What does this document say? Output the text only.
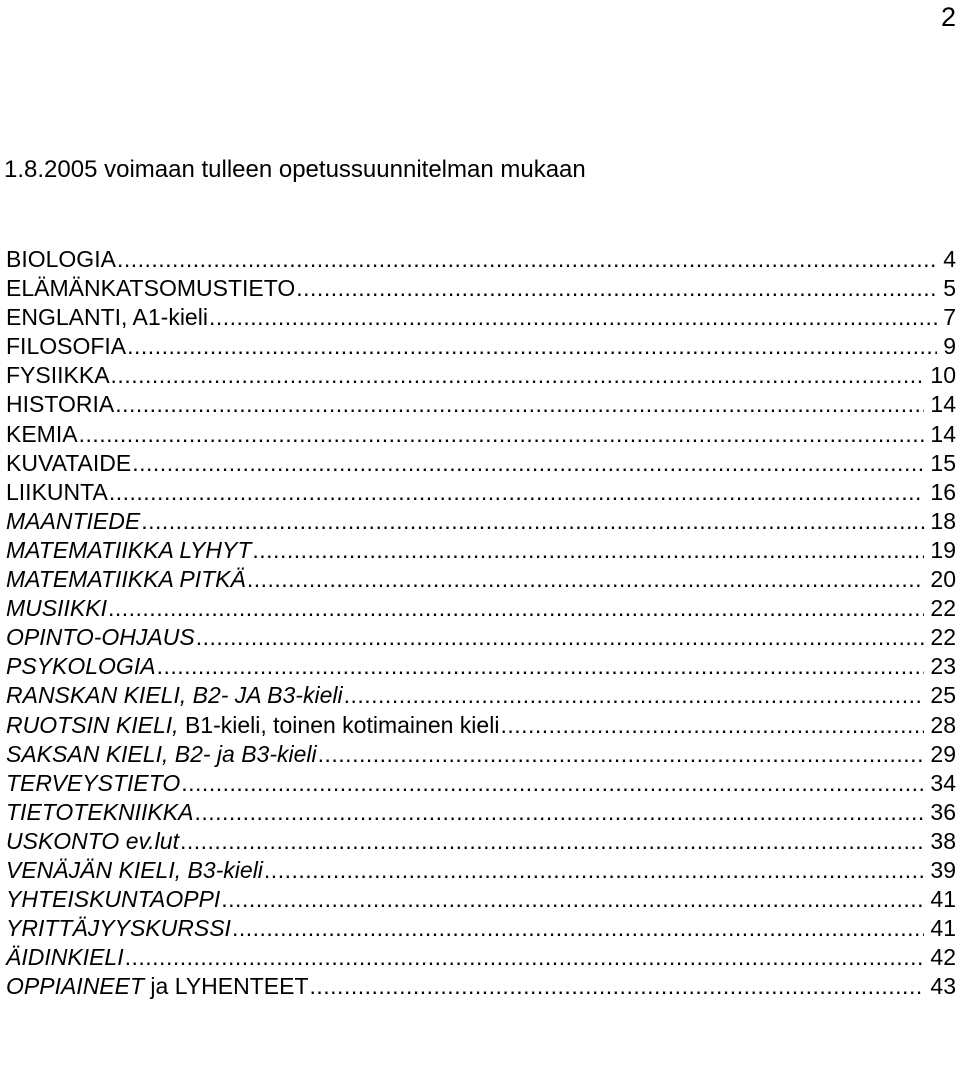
2
1.8.2005 voimaan tulleen opetussuunnitelman mukaan
BIOLOGIA .....	4
ELÄMÄNKATSOMUSTIETO .....	5
ENGLANTI, A1-kieli .....	7
FILOSOFIA .....	9
FYSIIKKA .....	10
HISTORIA .....	14
KEMIA .....	14
KUVATAIDE .....	15
LIIKUNTA .....	16
MAANTIEDE .....	18
MATEMATIIKKA LYHYT .....	19
MATEMATIIKKA PITKÄ .....	20
MUSIIKKI .....	22
OPINTO-OHJAUS .....	22
PSYKOLOGIA .....	23
RANSKAN KIELI, B2- JA B3-kieli .....	25
RUOTSIN KIELI, B1-kieli, toinen kotimainen kieli .....	28
SAKSAN KIELI, B2- ja B3-kieli .....	29
TERVEYSTIETO .....	34
TIETOTEKNIIKKA .....	36
USKONTO ev.lut .....	38
VENÄJÄN KIELI, B3-kieli .....	39
YHTEISKUNTAOPPI .....	41
YRITTÄJYYSKURSSI .....	41
ÄIDINKIELI .....	42
OPPIAINEET ja LYHENTEET .....	43
